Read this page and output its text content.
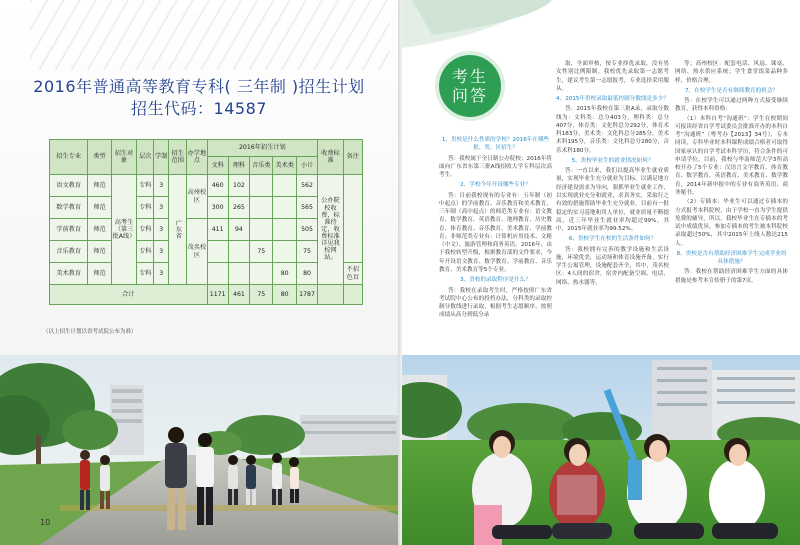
2016年普通高等教育专科( 三年制 )招生计划
招生代码：14587
招生专业	类型	招生对象	层次	学制	招生范围	办学地点	2016年招生计划					收费标准	备注
							文科	理科	音乐类	美术类	小计		
语文教育	师范	高考生（第三批A线）	专科	3	广东省	高州校区	460	102			562	公办院校收费，标准待定，收费标准详见我校网站。	
数学教育	师范		专科	3			300	265			565		
学前教育	师范		专科	3		茂名校区	411	94			505		
音乐教育	师范		专科	3					75		75		
美术教育	师范		专科	3						80	80		不招色盲
合计							1171	461	75	80	1787		
（以上招生计划以省考试院公布为准）
10
考生
问答

1、贵校是什么性质的学校？2016年在哪些批、类、区招生？

答：我校属于全日制公办院校；2016年将面向广东省东第三批A线招收大学专科层次高考生。

2、学校今年开设哪些专业？

答：目前我校现有的专业有：五年制（初中起点）的学前教育、音乐教育和美术教育，三年制（高中起点）的师范类专业有：语文教育、数学教育、英语教育、地理教育、历史教育、体育教育、音乐教育、美术教育、学前教育；非师范类专业有：计算机应用技术、文秘（中文）、旅游管理和商务英语。2016年，由于我校转型升级，根据教育部的文件要求，今年开设语文教育、数学教育、学前教育、音乐教育、美术教育等5个专业。

3、贵校的录取程序是什么？

答：我校在录取考生时，严格按照广东省考试院中心公布的投档办法，分科类的录取控制分数线进行录取，根据考生志愿顺序，按照成绩从高分到低分录

取，全面审核，按专业择优录取，没有男女性别比例限制。我校优先录取第一志愿考生，建议考生第一志愿报考，专业选择采用服从。

4、2015年贵校录取最低控制分数线是多少？

答：2015年我校在第三批A录，录取分数线为：文科类：总分403分，理科类：总分407分，体育类：文化科总分292分，体育术科183分，美术类：文化科总分285分，美术术科195分，音乐类：文化科总分280分，音乐术科180分。

5、贵校毕业生的就业情况如何？

答：一直以来，我们以提高毕业生就业质量，实现毕业生充分就业为目标，以满足地方经济建设需求为导向，狠抓毕业生就业工作，以实现就业充分和就业，求真务实，采取行之有效的措施帮助毕业生充分就业。目前有一批稳定的实习基地和用人单位，就业质量不断提高，近三年毕业生就业率均超过99%，其中，2015年就业率为99.52%。

6、贵校学生在校的生活条件如何？

答：我校拥有完善的教学设施和生活设施，环境优美，运动场和体育设施齐备，实行学生公寓管理，设施配套齐全，其中，茂名校区：4人间的宿舍，宿舍内配备空调、电话、网络、热水器等。

等；高州校区：配套电话、风扇、课桌、网络、热水供应系统；学生食堂饭菜品种多样，价格合理。

7、在校学生是否有继续教育的机会？

答：在校学生可以通过两种方式接受继续教育，获得本科资格：

（1）本科自考“沟通班”：学生在校期间可报读经省自学考试委员会批准开办的本科自考“沟通班”（粤考办【2013】34号），专本同读，专科毕业时本科课程成绩合格者可取得国家承认的自学考试本科学历，符合条件的可申请学位。目前，我校与华南师范大学3所高校开办了5个专业：汉语言文学教育、体育教育、数学教育、英语教育、美术教育、数学教育，2014年新申报中的专业有商务英语、商务秘书。

（2）专插本：毕业生可以通过专插本的方式报考本科院校，由于学校一直为学生提供免费的辅导，所以，我校毕业生在专插本的考试中成绩优异，参加专插本的考生被本科院校录取超过50%，其中2015年上线人数达215人。

8、贵校是否有帮助经济困难学生完成学业的具体措施？

答：我校在帮助经济困难学生方面的具体措施是参考本宣传册子的第7页。
